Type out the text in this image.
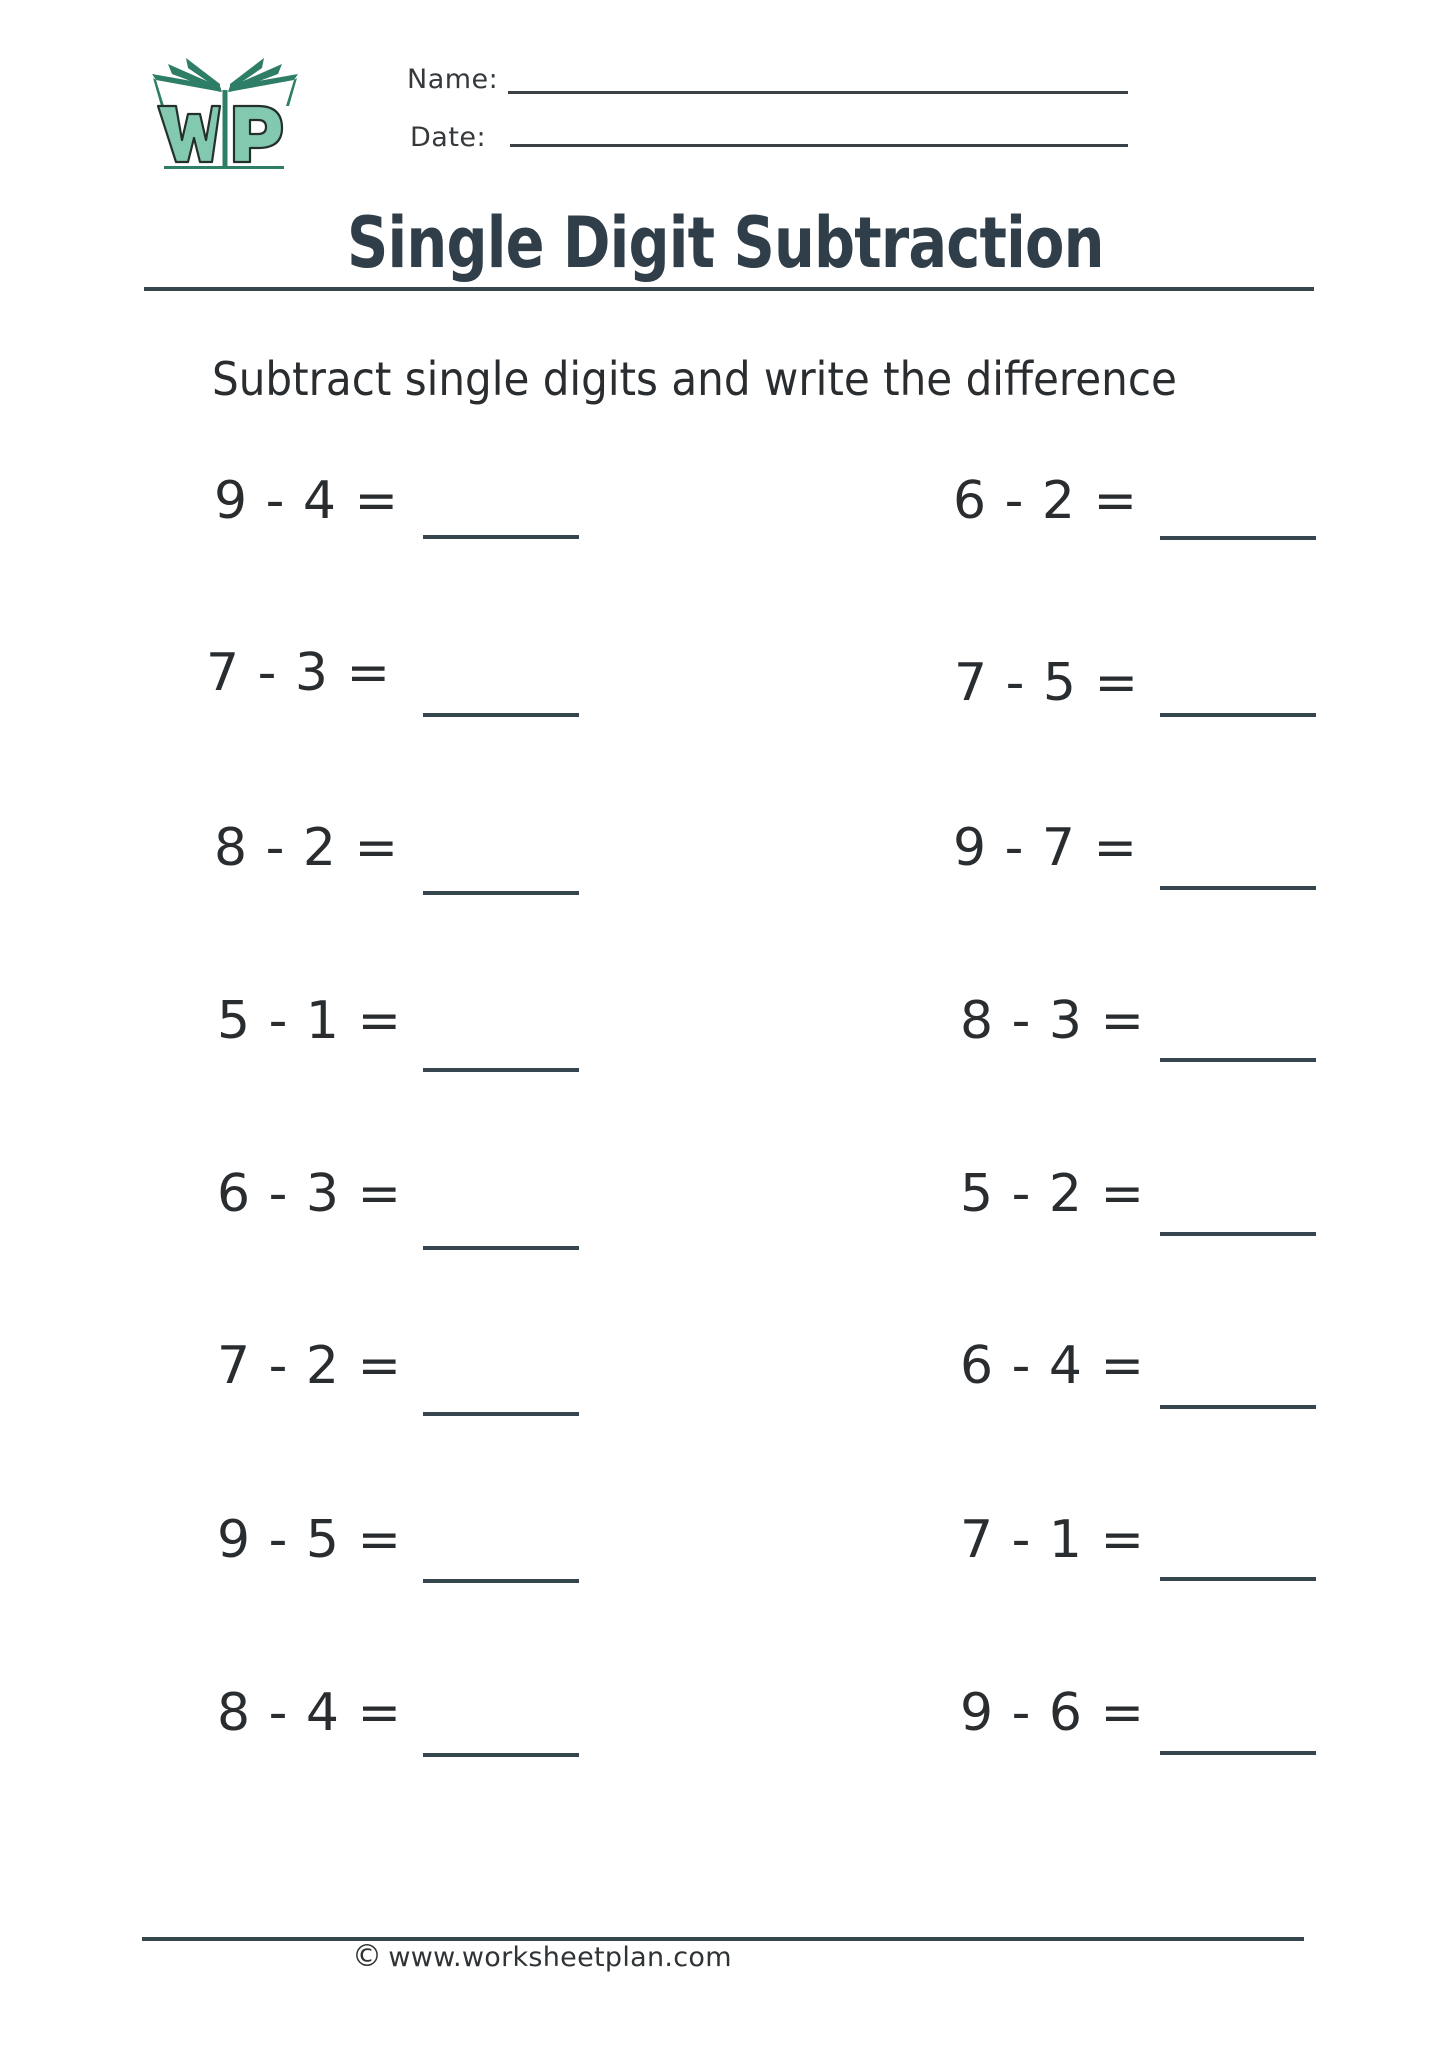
Name:
Date:
Single Digit Subtraction
Subtract single digits and write the difference
9 - 4 =
7 - 3 =
8 - 2 =
5 - 1 =
6 - 3 =
7 - 2 =
9 - 5 =
8 - 4 =
6 - 2 =
7 - 5 =
9 - 7 =
8 - 3 =
5 - 2 =
6 - 4 =
7 - 1 =
9 - 6 =
© www.worksheetplan.com
